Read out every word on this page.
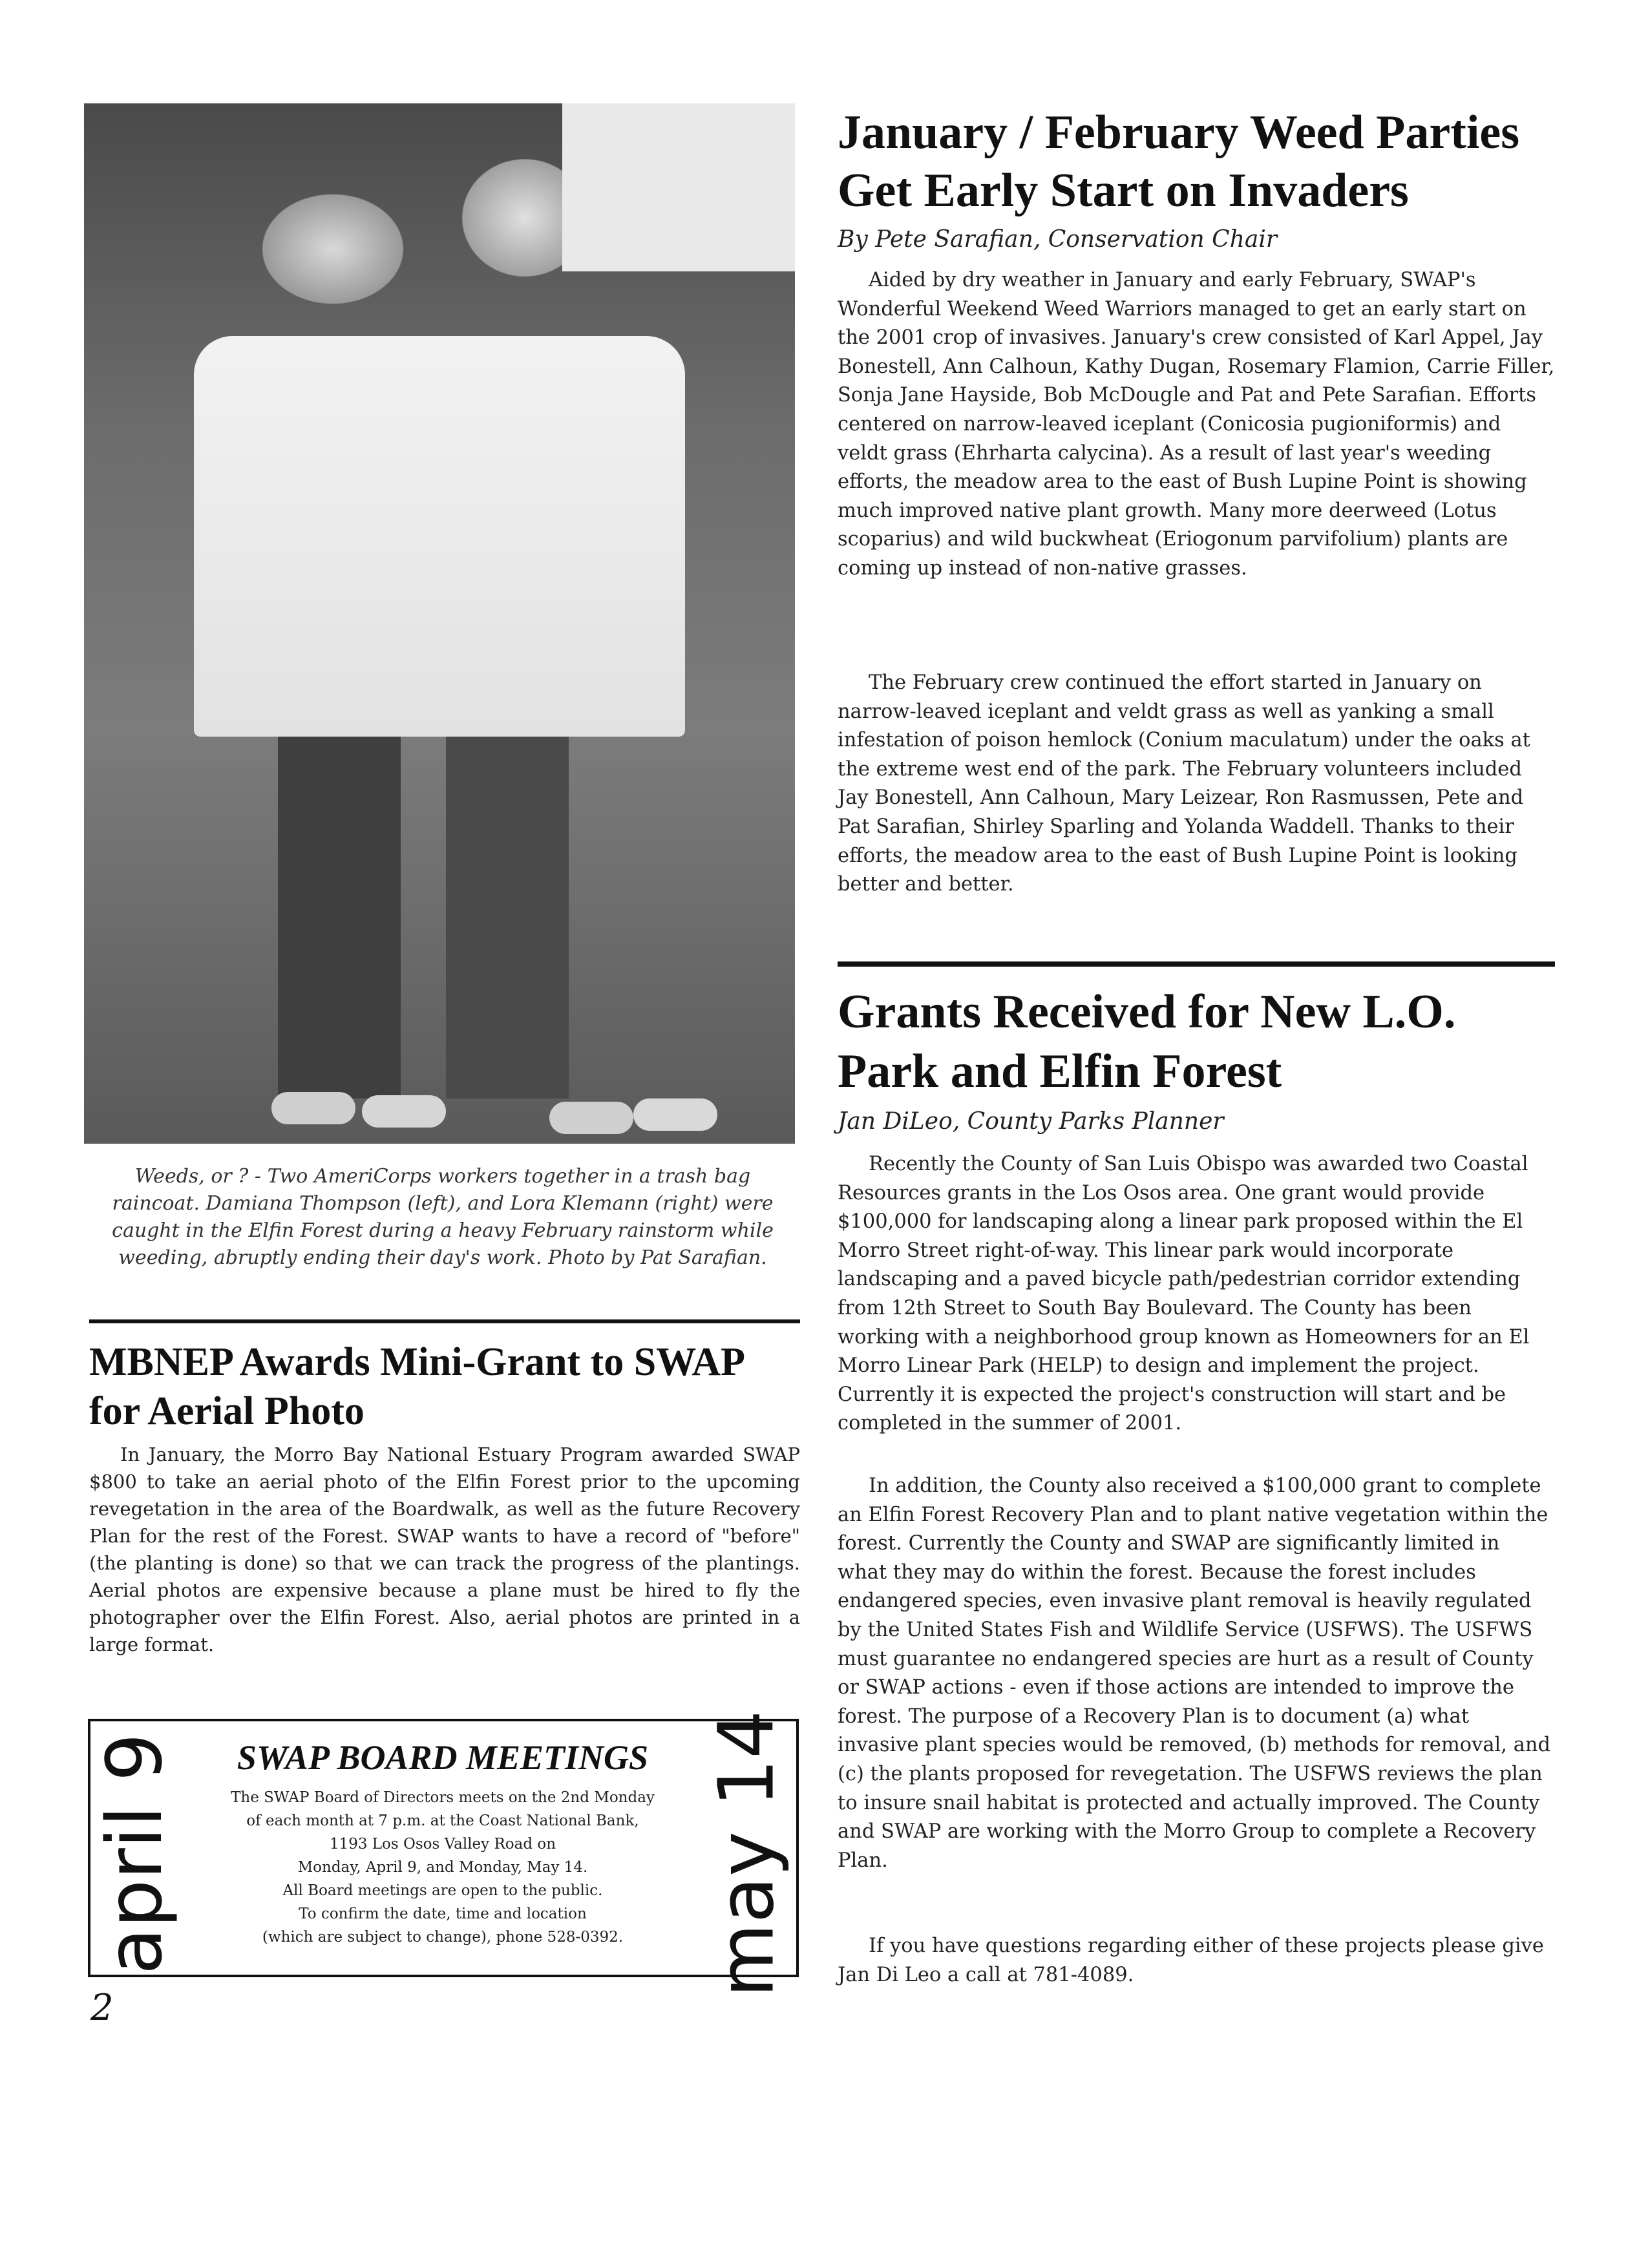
Weeds, or ? - Two AmeriCorps workers together in a trash bag raincoat. Damiana Thompson (left), and Lora Klemann (right) were caught in the Elfin Forest during a heavy February rainstorm while weeding, abruptly ending their day's work. Photo by Pat Sarafian.
MBNEP Awards Mini-Grant to SWAP for Aerial Photo

In January, the Morro Bay National Estuary Program awarded SWAP $800 to take an aerial photo of the Elfin Forest prior to the upcoming revegetation in the area of the Boardwalk, as well as the future Recovery Plan for the rest of the Forest. SWAP wants to have a record of "before" (the planting is done) so that we can track the progress of the plantings. Aerial photos are expensive because a plane must be hired to fly the photographer over the Elfin Forest. Also, aerial photos are printed in a large format.

april 9	SWAP BOARD MEETINGS
The SWAP Board of Directors meets on the 2nd Monday
of each month at 7 p.m. at the Coast National Bank,
1193 Los Osos Valley Road on
Monday, April 9, and Monday, May 14.
All Board meetings are open to the public.
To confirm the date, time and location
(which are subject to change), phone 528-0392.	may 14
2
January / February Weed Parties Get Early Start on Invaders
By Pete Sarafian, Conservation Chair

Aided by dry weather in January and early February, SWAP's Wonderful Weekend Weed Warriors managed to get an early start on the 2001 crop of invasives. January's crew consisted of Karl Appel, Jay Bonestell, Ann Calhoun, Kathy Dugan, Rosemary Flamion, Carrie Filler, Sonja Jane Hayside, Bob McDougle and Pat and Pete Sarafian. Efforts centered on narrow-leaved iceplant (Conicosia pugioniformis) and veldt grass (Ehrharta calycina). As a result of last year's weeding efforts, the meadow area to the east of Bush Lupine Point is showing much improved native plant growth. Many more deerweed (Lotus scoparius) and wild buckwheat (Eriogonum parvifolium) plants are coming up instead of non-native grasses.

The February crew continued the effort started in January on narrow-leaved iceplant and veldt grass as well as yanking a small infestation of poison hemlock (Conium maculatum) under the oaks at the extreme west end of the park. The February volunteers included Jay Bonestell, Ann Calhoun, Mary Leizear, Ron Rasmussen, Pete and Pat Sarafian, Shirley Sparling and Yolanda Waddell. Thanks to their efforts, the meadow area to the east of Bush Lupine Point is looking better and better.

Grants Received for New L.O. Park and Elfin Forest
Jan DiLeo, County Parks Planner

Recently the County of San Luis Obispo was awarded two Coastal Resources grants in the Los Osos area. One grant would provide $100,000 for landscaping along a linear park proposed within the El Morro Street right-of-way. This linear park would incorporate landscaping and a paved bicycle path/pedestrian corridor extending from 12th Street to South Bay Boulevard. The County has been working with a neighborhood group known as Homeowners for an El Morro Linear Park (HELP) to design and implement the project. Currently it is expected the project's construction will start and be completed in the summer of 2001.

In addition, the County also received a $100,000 grant to complete an Elfin Forest Recovery Plan and to plant native vegetation within the forest. Currently the County and SWAP are significantly limited in what they may do within the forest. Because the forest includes endangered species, even invasive plant removal is heavily regulated by the United States Fish and Wildlife Service (USFWS). The USFWS must guarantee no endangered species are hurt as a result of County or SWAP actions - even if those actions are intended to improve the forest. The purpose of a Recovery Plan is to document (a) what invasive plant species would be removed, (b) methods for removal, and (c) the plants proposed for revegetation. The USFWS reviews the plan to insure snail habitat is protected and actually improved. The County and SWAP are working with the Morro Group to complete a Recovery Plan.

If you have questions regarding either of these projects please give Jan Di Leo a call at 781-4089.
